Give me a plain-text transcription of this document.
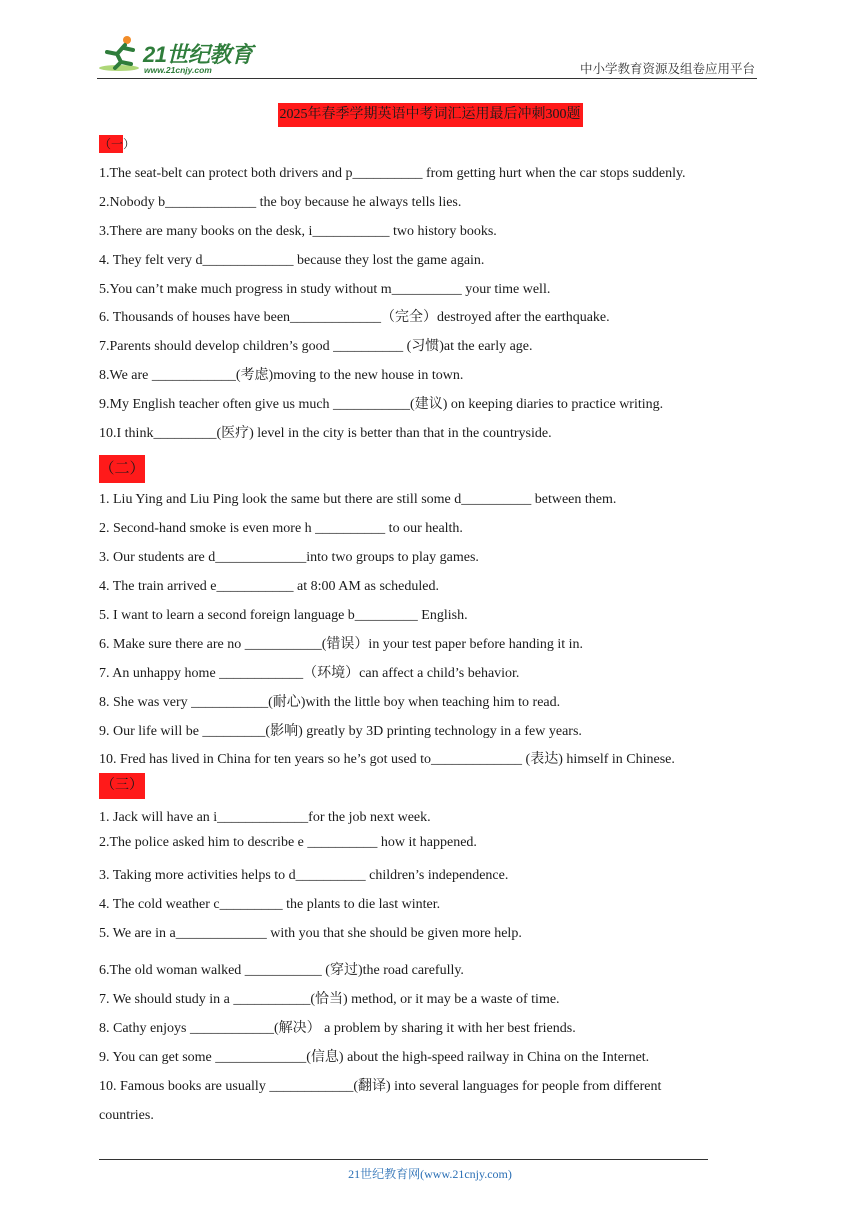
21世纪教育
www.21cnjy.com	中小学教育资源及组卷应用平台
2025年春季学期英语中考词汇运用最后冲刺300题
（一）
1.The seat-belt can protect both drivers and p__________ from getting hurt when the car stops suddenly.
2.Nobody b_____________ the boy because he always tells lies.
3.There are many books on the desk, i___________ two history books.
4. They felt very d_____________ because they lost the game again.
5.You can’t make much progress in study without m__________ your time well.
6. Thousands of houses have been_____________（完全）destroyed after the earthquake.
7.Parents should develop children’s good __________ (习惯)at the early age.
8.We are ____________(考虑)moving to the new house in town.
9.My English teacher often give us much ___________(建议) on keeping diaries to practice writing.
10.I think_________(医疗) level in the city is better than that in the countryside.
（二）
1. Liu Ying and Liu Ping look the same but there are still some d__________ between them.
2. Second-hand smoke is even more h __________ to our health.
3. Our students are d_____________into two groups to play games.
4. The train arrived e___________ at 8:00 AM as scheduled.
5. I want to learn a second foreign language b_________ English.
6. Make sure there are no ___________(错误）in your test paper before handing it in.
7. An unhappy home ____________（环境）can affect a child’s behavior.
8. She was very ___________(耐心)with the little boy when teaching him to read.
9. Our life will be _________(影响) greatly by 3D printing technology in a few years.
10. Fred has lived in China for ten years so he’s got used to_____________ (表达) himself in Chinese.
（三）
1. Jack will have an i_____________for the job next week.
2.The police asked him to describe e __________ how it happened.
3. Taking more activities helps to d__________ children’s independence.
4. The cold weather c_________ the plants to die last winter.
5. We are in a_____________ with you that she should be given more help.
6.The old woman walked ___________ (穿过)the road carefully.
7. We should study in a ___________(恰当) method, or it may be a waste of time.
8. Cathy enjoys ____________(解决） a problem by sharing it with her best friends.
9. You can get some _____________(信息) about the high-speed railway in China on the Internet.
10. Famous books are usually ____________(翻译) into several languages for people from different
countries.
21世纪教育网(www.21cnjy.com)
